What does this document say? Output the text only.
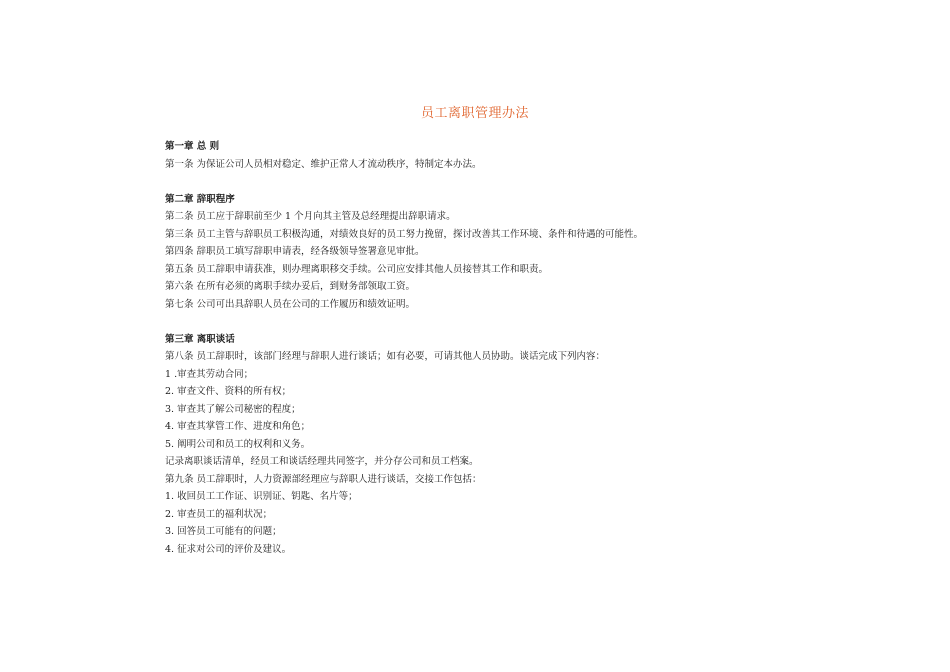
员工离职管理办法
第一章 总 则
第一条 为保证公司人员相对稳定、维护正常人才流动秩序，特制定本办法。
第二章 辞职程序
第二条 员工应于辞职前至少 1 个月向其主管及总经理提出辞职请求。
第三条 员工主管与辞职员工积极沟通，对绩效良好的员工努力挽留，探讨改善其工作环境、条件和待遇的可能性。
第四条 辞职员工填写辞职申请表，经各级领导签署意见审批。
第五条 员工辞职申请获准，则办理离职移交手续。公司应安排其他人员接替其工作和职责。
第六条 在所有必须的离职手续办妥后，到财务部领取工资。
第七条 公司可出具辞职人员在公司的工作履历和绩效证明。
第三章 离职谈话
第八条 员工辞职时，该部门经理与辞职人进行谈话；如有必要，可请其他人员协助。谈话完成下列内容：
1 .审查其劳动合同；
2. 审查文件、资料的所有权；
3. 审查其了解公司秘密的程度；
4. 审查其掌管工作、进度和角色；
5. 阐明公司和员工的权利和义务。
记录离职谈话清单，经员工和谈话经理共同签字，并分存公司和员工档案。
第九条 员工辞职时，人力资源部经理应与辞职人进行谈话，交接工作包括：
1. 收回员工工作证、识别证、钥匙、名片等；
2. 审查员工的福利状况；
3. 回答员工可能有的问题；
4. 征求对公司的评价及建议。
